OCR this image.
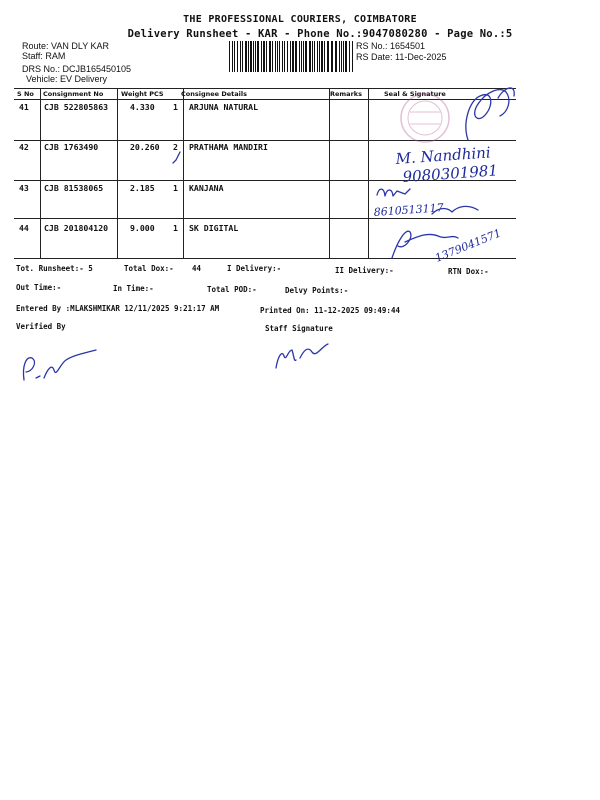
THE PROFESSIONAL COURIERS, COIMBATORE
Delivery Runsheet - KAR - Phone No.:9047080280 - Page No.:5
Route: VAN DLY KAR
Staff: RAM
DRS No.: DCJB165450105
Vehicle: EV Delivery
RS No.: 1654501
RS Date: 11-Dec-2025
S No Consignment No	Weight PCS	Consignee Details	Remarks	Seal & Signature
41 CJB 522805863	4.330 1 ARJUNA NATURAL
42 CJB 1763490	20.260 2 PRATHAMA MANDIRI
43 CJB 81538065	2.185 1 KANJANA
44 CJB 201804120	9.000 1 SK DIGITAL
Tot. Runsheet:- 5	Total Dox:- 44	I Delivery:-	II Delivery:-	RTN Dox:-
Out Time:-	In Time:-	Total POD:-	Delvy Points:-
Entered By :MLAKSHMIKAR 12/11/2025 9:21:17 AM	Printed On: 11-12-2025 09:49:44
Verified By	Staff Signature
M. Nandhini
9080301981
8610513117
1379041571
